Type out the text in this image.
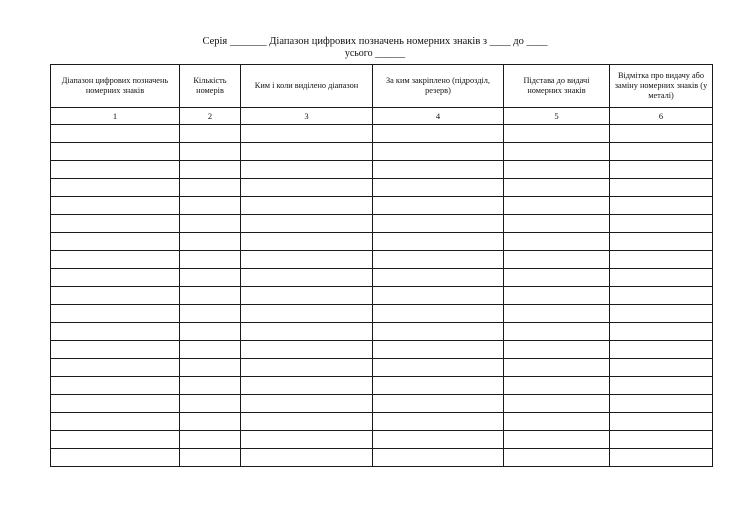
Серія _______ Діапазон цифрових позначень номерних знаків з ____ до ____
усього ______
Діапазон цифрових позначень номерних знаків	Кількість номерів	Ким і коли виділено діапазон	За ким закріплено (підрозділ, резерв)	Підстава до видачі номерних знаків	Відмітка про видачу або заміну номерних знаків (у металі)
1	2	3	4	5	6
